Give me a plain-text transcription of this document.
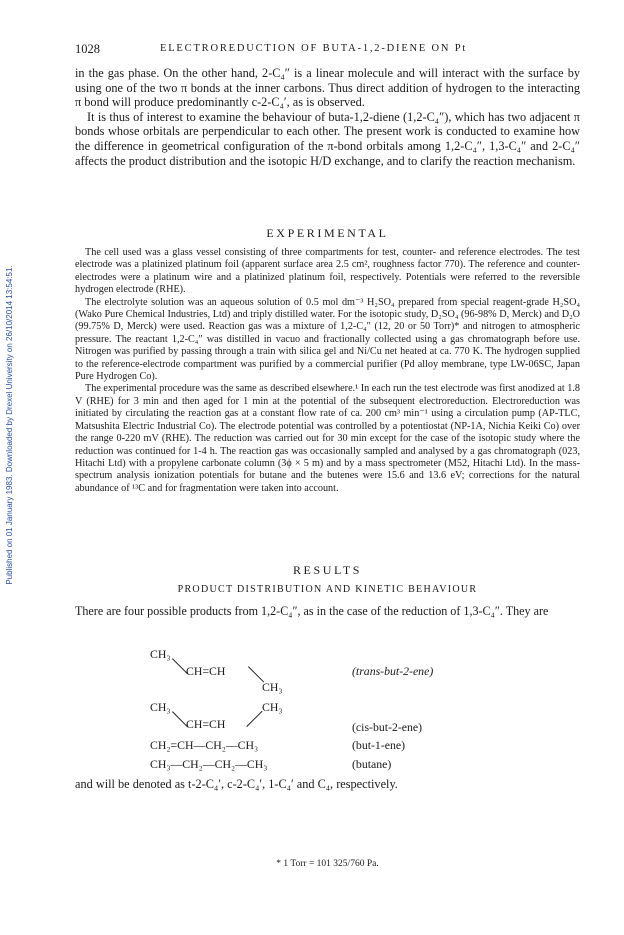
Published on 01 January 1983. Downloaded by Drexel University on 26/10/2014 13:54:51.
1028	ELECTROREDUCTION OF BUTA-1,2-DIENE ON Pt

in the gas phase. On the other hand, 2-C₄″ is a linear molecule and will interact with the surface by using one of the two π bonds at the inner carbons. Thus direct addition of hydrogen to the interacting π bond will produce predominantly c-2-C₄′, as is observed.

It is thus of interest to examine the behaviour of buta-1,2-diene (1,2-C₄″), which has two adjacent π bonds whose orbitals are perpendicular to each other. The present work is conducted to examine how the difference in geometrical configuration of the π-bond orbitals among 1,2-C₄″, 1,3-C₄″ and 2-C₄″ affects the product distribution and the isotopic H/D exchange, and to clarify the reaction mechanism.

EXPERIMENTAL

The cell used was a glass vessel consisting of three compartments for test, counter- and reference electrodes. The test electrode was a platinized platinum foil (apparent surface area 2.5 cm², roughness factor 770). The reference and counter-electrodes were a platinum wire and a platinized platinum foil, respectively. Potentials were referred to the reversible hydrogen electrode (RHE).

The electrolyte solution was an aqueous solution of 0.5 mol dm⁻³ H₂SO₄ prepared from special reagent-grade H₂SO₄ (Wako Pure Chemical Industries, Ltd) and triply distilled water. For the isotopic study, D₂SO₄ (96-98% D, Merck) and D₂O (99.75% D, Merck) were used. Reaction gas was a mixture of 1,2-C₄″ (12, 20 or 50 Torr)* and nitrogen to atmospheric pressure. The reactant 1,2-C₄″ was distilled in vacuo and fractionally collected using a gas chromatograph before use. Nitrogen was purified by passing through a train with silica gel and Ni/Cu net heated at ca. 770 K. The hydrogen supplied to the reference-electrode compartment was purified by a commercial purifier (Pd alloy membrane, type LW-06SC, Japan Pure Hydrogen Co).

The experimental procedure was the same as described elsewhere.¹ In each run the test electrode was first anodized at 1.8 V (RHE) for 3 min and then aged for 1 min at the potential of the subsequent electroreduction. Electroreduction was initiated by circulating the reaction gas at a constant flow rate of ca. 200 cm³ min⁻¹ using a circulation pump (AP-TLC, Matsushita Electric Industrial Co). The electrode potential was controlled by a potentiostat (NP-1A, Nichia Keiki Co) over the range 0-220 mV (RHE). The reduction was carried out for 30 min except for the case of the isotopic study where the reduction was continued for 1-4 h. The reaction gas was occasionally sampled and analysed by a gas chromatograph (023, Hitachi Ltd) with a propylene carbonate column (3ϕ × 5 m) and by a mass spectrometer (M52, Hitachi Ltd). In the mass-spectrum analysis ionization potentials for butane and the butenes were 15.6 and 13.6 eV; corrections for the natural abundance of ¹³C and for fragmentation were taken into account.

RESULTS
PRODUCT DISTRIBUTION AND KINETIC BEHAVIOUR

There are four possible products from 1,2-C₄″, as in the case of the reduction of 1,3-C₄″. They are

CH₃
CH=CH
CH₃
(trans-but-2-ene)
CH₃
CH=CH
CH₃
(cis-but-2-ene)
CH₂=CH—CH₂—CH₃	(but-1-ene)
CH₃—CH₂—CH₂—CH₃	(butane)

and will be denoted as t-2-C₄′, c-2-C₄′, 1-C₄′ and C₄, respectively.

* 1 Torr = 101 325/760 Pa.
